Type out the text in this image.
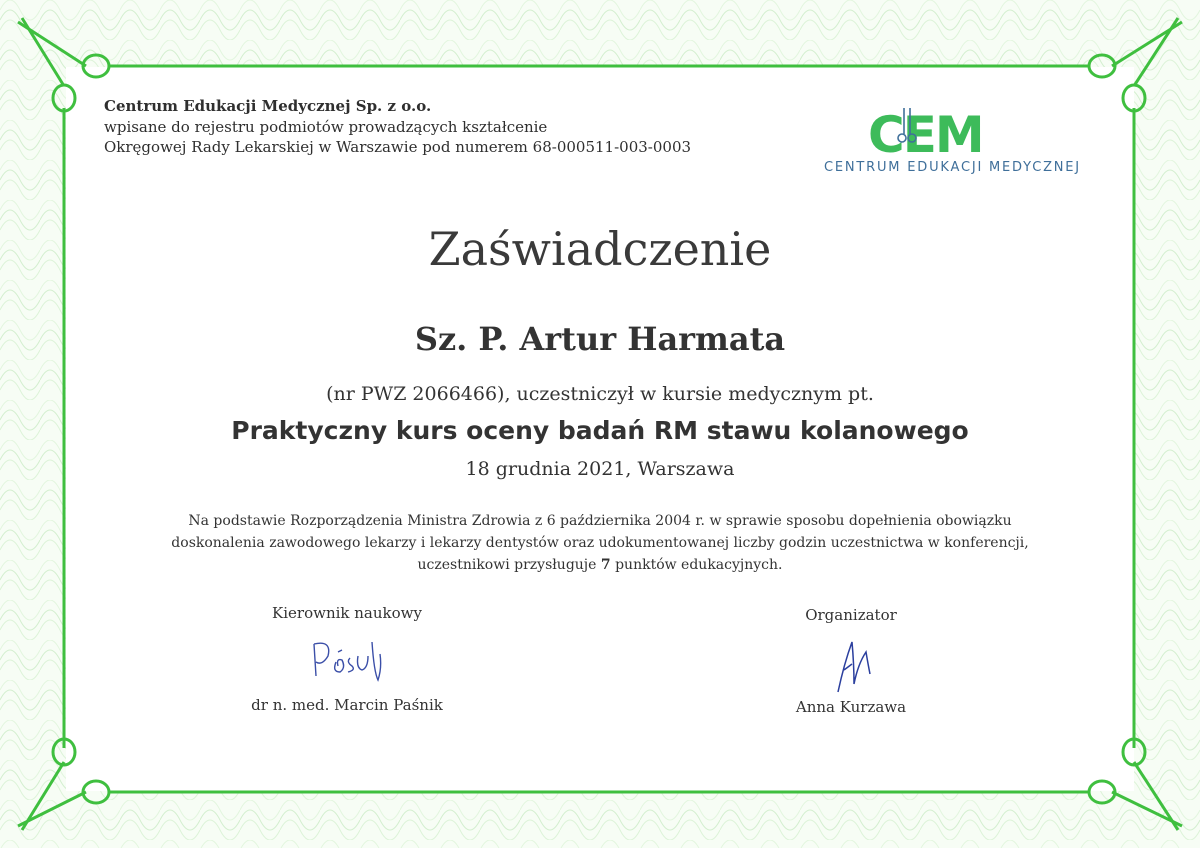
Centrum Edukacji Medycznej Sp. z o.o.
wpisane do rejestru podmiotów prowadzących kształcenie
Okręgowej Rady Lekarskiej w Warszawie pod numerem 68-000511-003-0003	CEM
CENTRUM EDUKACJI MEDYCZNEJ
Zaświadczenie
Sz. P. Artur Harmata
(nr PWZ 2066466), uczestniczył w kursie medycznym pt.
Praktyczny kurs oceny badań RM stawu kolanowego
18 grudnia 2021, Warszawa
Na podstawie Rozporządzenia Ministra Zdrowia z 6 października 2004 r. w sprawie sposobu dopełnienia obowiązku
doskonalenia zawodowego lekarzy i lekarzy dentystów oraz udokumentowanej liczby godzin uczestnictwa w konferencji,
uczestnikowi przysługuje 7 punktów edukacyjnych.
Kierownik naukowy
dr n. med. Marcin Paśnik
Organizator
Anna Kurzawa
